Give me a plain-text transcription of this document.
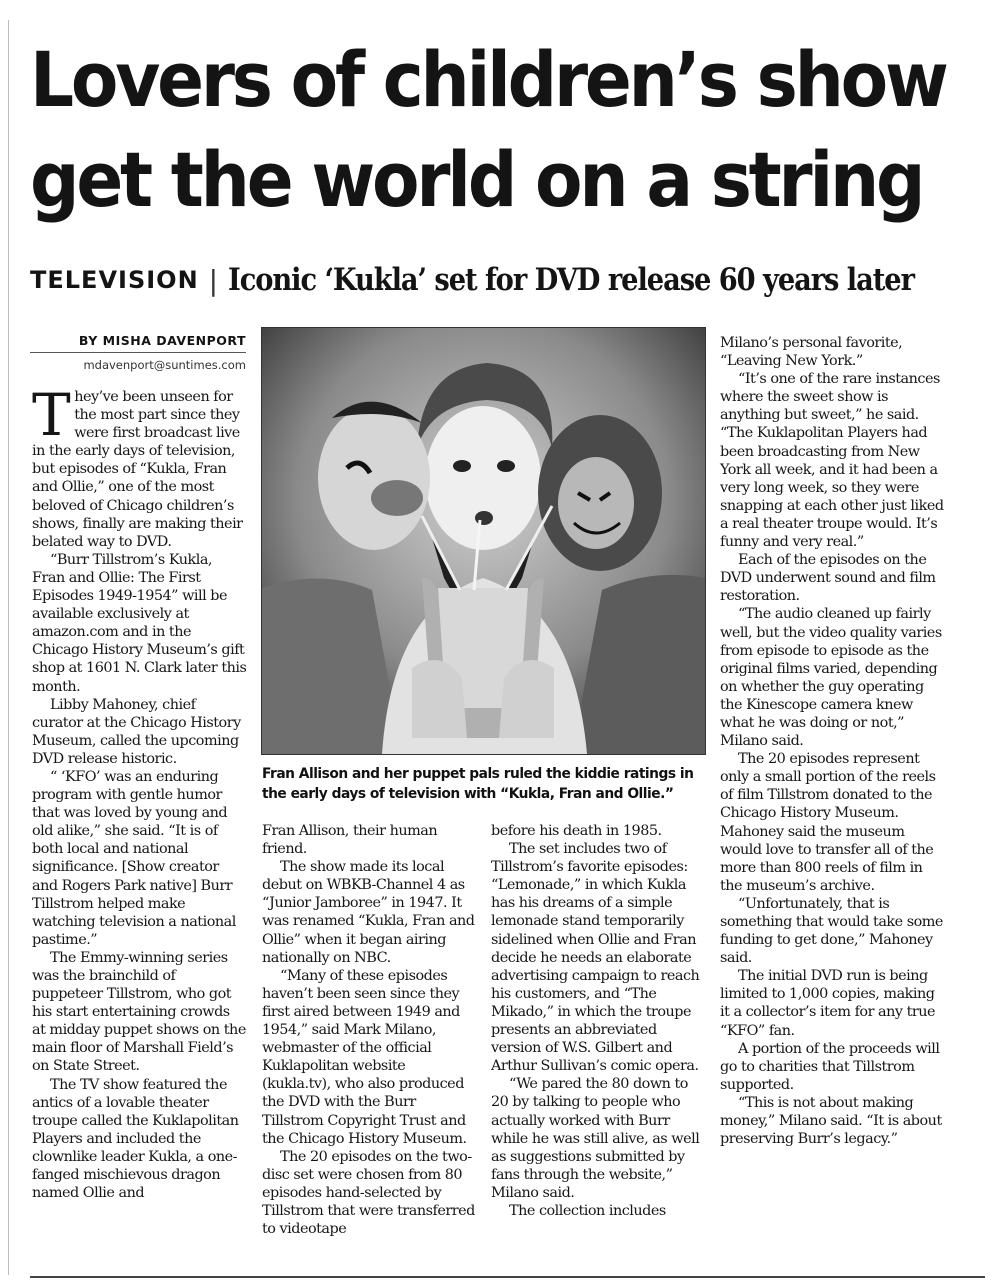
Lovers of children’s show
get the world on a string
TELEVISION | Iconic ‘Kukla’ set for DVD release 60 years later
BY MISHA DAVENPORT
mdavenport@suntimes.com

They’ve been unseen for the most part since they were first broadcast live in the early days of television, but episodes of “Kukla, Fran and Ollie,” one of the most beloved of Chicago children’s shows, finally are making their belated way to DVD.

“Burr Tillstrom’s Kukla, Fran and Ollie: The First Episodes 1949-1954” will be available exclusively at amazon.com and in the Chicago History Museum’s gift shop at 1601 N. Clark later this month.

Libby Mahoney, chief curator at the Chicago History Museum, called the upcoming DVD release historic.

“ ‘KFO’ was an enduring program with gentle humor that was loved by young and old alike,” she said. “It is of both local and national significance. [Show creator and Rogers Park native] Burr Tillstrom helped make watching television a national pastime.”

The Emmy-winning series was the brainchild of puppeteer Tillstrom, who got his start entertaining crowds at midday puppet shows on the main floor of Marshall Field’s on State Street.

The TV show featured the antics of a lovable theater troupe called the Kuklapolitan Players and included the clownlike leader Kukla, a one-fanged mischievous dragon named Ollie and

Fran Allison and her puppet pals ruled the kiddie ratings in the early days of television with “Kukla, Fran and Ollie.”

Fran Allison, their human friend.

The show made its local debut on WBKB-Channel 4 as “Junior Jamboree” in 1947. It was renamed “Kukla, Fran and Ollie” when it began airing nationally on NBC.

“Many of these episodes haven’t been seen since they first aired between 1949 and 1954,” said Mark Milano, webmaster of the official Kuklapolitan website (kukla.tv), who also produced the DVD with the Burr Tillstrom Copyright Trust and the Chicago History Museum.

The 20 episodes on the two-disc set were chosen from 80 episodes hand-selected by Tillstrom that were transferred to videotape

before his death in 1985.

The set includes two of Tillstrom’s favorite episodes: “Lemonade,” in which Kukla has his dreams of a simple lemonade stand temporarily sidelined when Ollie and Fran decide he needs an elaborate advertising campaign to reach his customers, and “The Mikado,” in which the troupe presents an abbreviated version of W.S. Gilbert and Arthur Sullivan’s comic opera.

“We pared the 80 down to 20 by talking to people who actually worked with Burr while he was still alive, as well as suggestions submitted by fans through the website,” Milano said.

The collection includes

Milano’s personal favorite, “Leaving New York.”

“It’s one of the rare instances where the sweet show is anything but sweet,” he said. “The Kuklapolitan Players had been broadcasting from New York all week, and it had been a very long week, so they were snapping at each other just liked a real theater troupe would. It’s funny and very real.”

Each of the episodes on the DVD underwent sound and film restoration.

“The audio cleaned up fairly well, but the video quality varies from episode to episode as the original films varied, depending on whether the guy operating the Kinescope camera knew what he was doing or not,” Milano said.

The 20 episodes represent only a small portion of the reels of film Tillstrom donated to the Chicago History Museum. Mahoney said the museum would love to transfer all of the more than 800 reels of film in the museum’s archive.

“Unfortunately, that is something that would take some funding to get done,” Mahoney said.

The initial DVD run is being limited to 1,000 copies, making it a collector’s item for any true “KFO” fan.

A portion of the proceeds will go to charities that Tillstrom supported.

“This is not about making money,” Milano said. “It is about preserving Burr’s legacy.”
